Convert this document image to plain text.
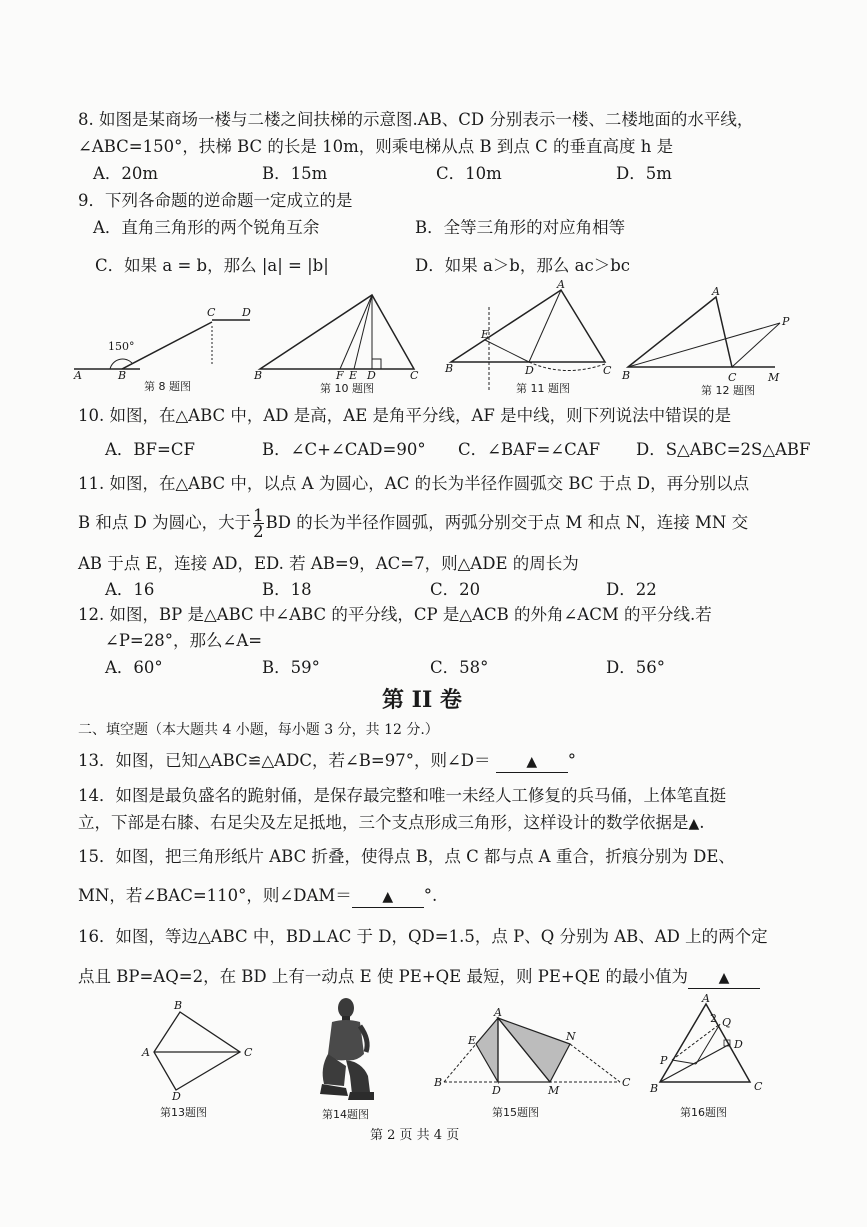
8. 如图是某商场一楼与二楼之间扶梯的示意图.AB、CD 分别表示一楼、二楼地面的水平线，
∠ABC=150°，扶梯 BC 的长是 10m，则乘电梯从点 B 到点 C 的垂直高度 h 是
A．20m	B．15m	C．10m	D．5m
9．下列各命题的逆命题一定成立的是
A．直角三角形的两个锐角互余	B．全等三角形的对应角相等
C．如果 a = b，那么 |a| = |b|	D．如果 a＞b，那么 ac＞bc
150°
A	B
C D
第 8 题图
B	F E D	C
第 10 题图
A
E
B	D	C
第 11 题图
A
B	C	M
P
第 12 题图
10. 如图，在△ABC 中，AD 是高，AE 是角平分线，AF 是中线，则下列说法中错误的是
A．BF=CF	B．∠C+∠CAD=90° C．∠BAF=∠CAF D．S△ABC=2S△ABF
11. 如图，在△ABC 中，以点 A 为圆心，AC 的长为半径作圆弧交 BC 于点 D，再分别以点
B 和点 D 为圆心，大于 $\frac{1}{2}$ BD 的长为半径作圆弧，两弧分别交于点 M 和点 N，连接 MN 交
AB 于点 E，连接 AD，ED. 若 AB=9，AC=7，则△ADE 的周长为
A．16	B．18	C．20	D．22
12. 如图，BP 是△ABC 中∠ABC 的平分线，CP 是△ACB 的外角∠ACM 的平分线.若
∠P=28°，那么∠A=
A．60°	B．59°	C．58°	D．56°
第 II 卷
二、填空题（本大题共 4 小题，每小题 3 分，共 12 分.）
13．如图，已知△ABC≌△ADC，若∠B=97°，则∠D＝	▲ °
14．如图是最负盛名的跪射俑，是保存最完整和唯一未经人工修复的兵马俑，上体笔直挺
立，下部是右膝、右足尖及左足抵地，三个支点形成三角形，这样设计的数学依据是▲.
15．如图，把三角形纸片 ABC 折叠，使得点 B，点 C 都与点 A 重合，折痕分别为 DE、
MN，若∠BAC=110°，则∠DAM＝ ▲ °.
16．如图，等边△ABC 中，BD⊥AC 于 D，QD=1.5，点 P、Q 分别为 AB、AD 上的两个定
点且 BP=AQ=2，在 BD 上有一动点 E 使 PE+QE 最短，则 PE+QE 的最小值为 ▲
B
A	C
D
第13题图	第14题图
A
E	N
B
D	M
C
第15题图
A
B	C
P
Q
D
2
第16题图
第 2 页 共 4 页
